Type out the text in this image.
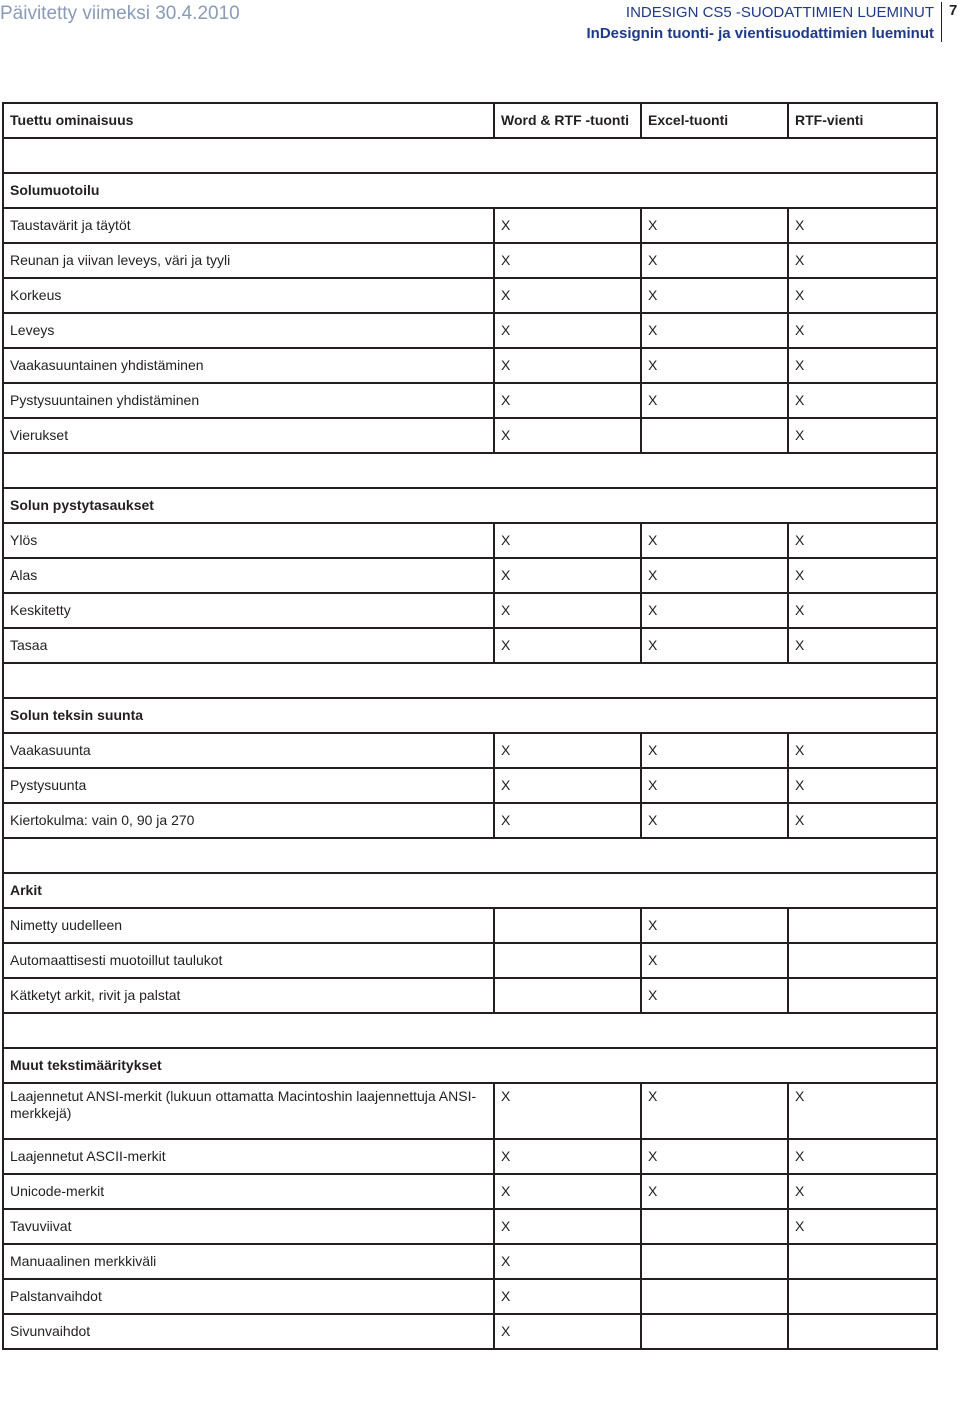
Päivitetty viimeksi 30.4.2010	INDESIGN CS5 -SUODATTIMIEN LUEMINUT
InDesignin tuonti- ja vientisuodattimien lueminut
7
Tuettu ominaisuus	Word & RTF -tuonti	Excel-tuonti	RTF-vienti

Solumuotoilu			
Taustavärit ja täytöt	X	X	X
Reunan ja viivan leveys, väri ja tyyli	X	X	X
Korkeus	X	X	X
Leveys	X	X	X
Vaakasuuntainen yhdistäminen	X	X	X
Pystysuuntainen yhdistäminen	X	X	X
Vierukset	X		X

Solun pystytasaukset			
Ylös	X	X	X
Alas	X	X	X
Keskitetty	X	X	X
Tasaa	X	X	X

Solun teksin suunta			
Vaakasuunta	X	X	X
Pystysuunta	X	X	X
Kiertokulma: vain 0, 90 ja 270	X	X	X

Arkit			
Nimetty uudelleen		X	
Automaattisesti muotoillut taulukot		X	
Kätketyt arkit, rivit ja palstat		X	

Muut tekstimääritykset			
Laajennetut ANSI-merkit (lukuun ottamatta Macintoshin laajennettuja ANSI-merkkejä)	X	X	X
Laajennetut ASCII-merkit	X	X	X
Unicode-merkit	X	X	X
Tavuviivat	X		X
Manuaalinen merkkiväli	X		
Palstanvaihdot	X		
Sivunvaihdot	X		
